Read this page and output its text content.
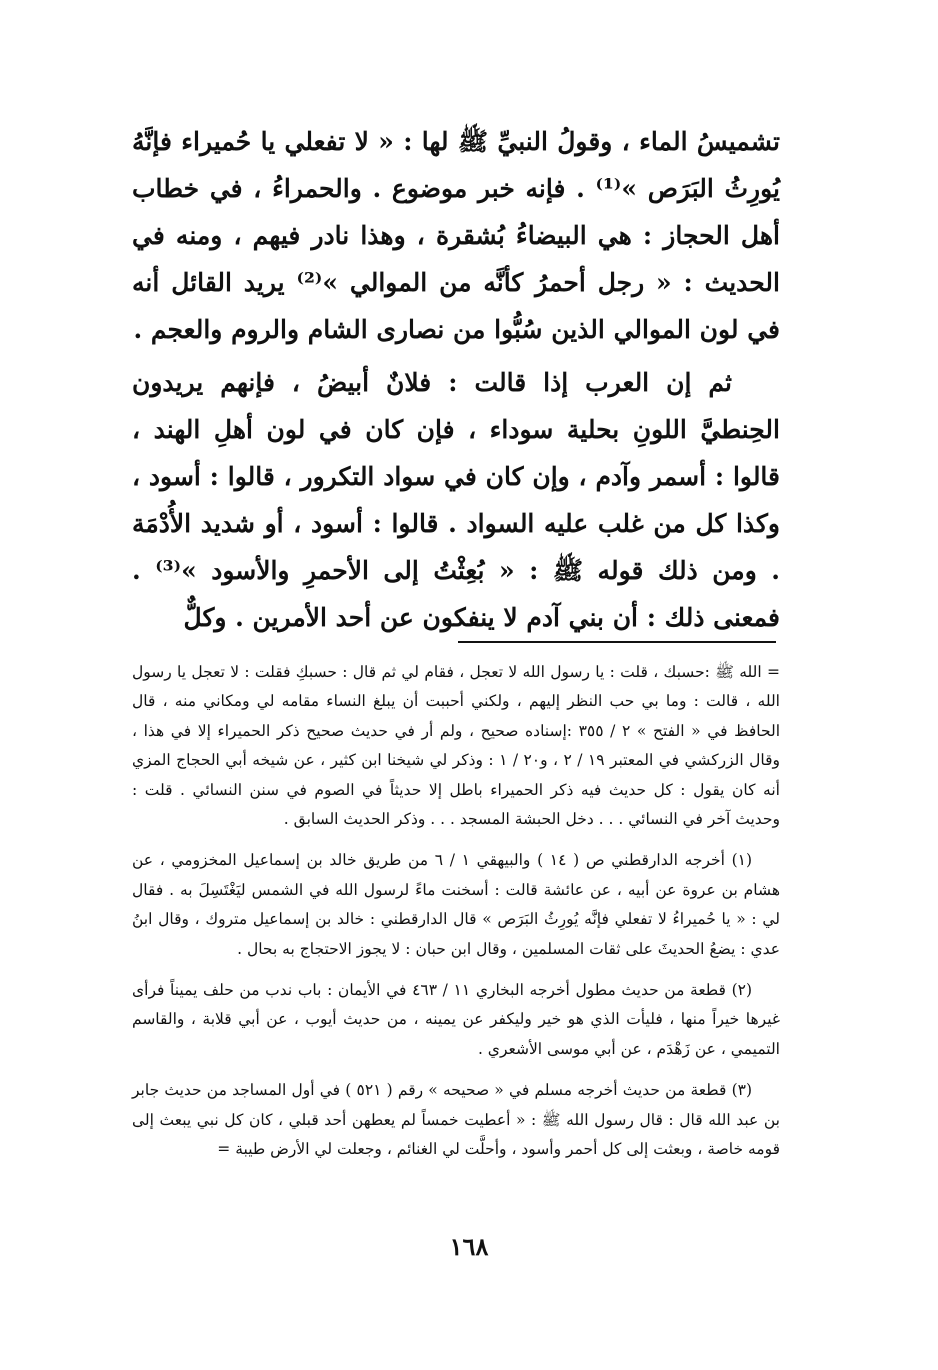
تشميسُ الماء ، وقولُ النبيِّ ﷺ لها : « لا تفعلي يا حُميراء فإنَّهُ يُورِثُ البَرَص »⁽¹⁾ . فإنه خبر موضوع . والحمراءُ ، في خطاب أهل الحجاز : هي البيضاءُ بُشقرة ، وهذا نادر فيهم ، ومنه في الحديث : « رجل أحمرُ كأنَّه من الموالي »⁽²⁾ يريد القائل أنه في لون الموالي الذين سُبُّوا من نصارى الشام والروم والعجم .

ثم إن العرب إذا قالت : فلانٌ أبيضُ ، فإنهم يريدون الحِنطيَّ اللونِ بحلية سوداء ، فإن كان في لون أهلِ الهند ، قالوا : أسمر وآدم ، وإن كان في سواد التكرور ، قالوا : أسود ، وكذا كل من غلب عليه السواد . قالوا : أسود ، أو شديد الأُدْمَة . ومن ذلك قوله ﷺ : « بُعِثْتُ إلى الأحمرِ والأسود »⁽³⁾ . فمعنى ذلك : أن بني آدم لا ينفكون عن أحد الأمرين . وكلٌّ

= الله ﷺ :حسبك ، قلت : يا رسول الله لا تعجل ، فقام لي ثم قال : حسبكِ فقلت : لا تعجل يا رسول الله ، قالت : وما بي حب النظر إليهم ، ولكني أحببت أن يبلغ النساء مقامه لي ومكاني منه ، قال الحافظ في « الفتح » ٢ / ٣٥٥ :إسناده صحيح ، ولم أر في حديث صحيح ذكر الحميراء إلا في هذا ، وقال الزركشي في المعتبر ١٩ / ٢ ، و٢٠ / ١ : وذكر لي شيخنا ابن كثير ، عن شيخه أبي الحجاج المزي أنه كان يقول : كل حديث فيه ذكر الحميراء باطل إلا حديثاً في الصوم في سنن النسائي . قلت : وحديث آخر في النسائي . . . دخل الحبشة المسجد . . . وذكر الحديث السابق .

(١) أخرجه الدارقطني ص ( ١٤ ) والبيهقي ١ / ٦ من طريق خالد بن إسماعيل المخزومي ، عن هشام بن عروة عن أبيه ، عن عائشة قالت : أسخنت ماءً لرسول الله في الشمس ليَغْتَسِلَ به . فقال لي : « يا حُميراءُ لا تفعلي فإنَّه يُورِثُ البَرَص » قال الدارقطني : خالد بن إسماعيل متروك ، وقال ابنُ عدي : يضعُ الحديثَ على ثقات المسلمين ، وقال ابن حبان : لا يجوز الاحتجاج به بحال .

(٢) قطعة من حديث مطول أخرجه البخاري ١١ / ٤٦٣ في الأيمان : باب ندب من حلف يميناً فرأى غيرها خيراً منها ، فليأت الذي هو خير وليكفر عن يمينه ، من حديث أيوب ، عن أبي قلابة ، والقاسم التميمي ، عن زَهْدَم ، عن أبي موسى الأشعري .

(٣) قطعة من حديث أخرجه مسلم في « صحيحه » رقم ( ٥٢١ ) في أول المساجد من حديث جابر بن عبد الله قال : قال رسول الله ﷺ : « أعطيت خمساً لم يعطهن أحد قبلي ، كان كل نبي يبعث إلى قومه خاصة ، وبعثت إلى كل أحمر وأسود ، وأحلَّت لي الغنائم ، وجعلت لي الأرض طيبة =

١٦٨
